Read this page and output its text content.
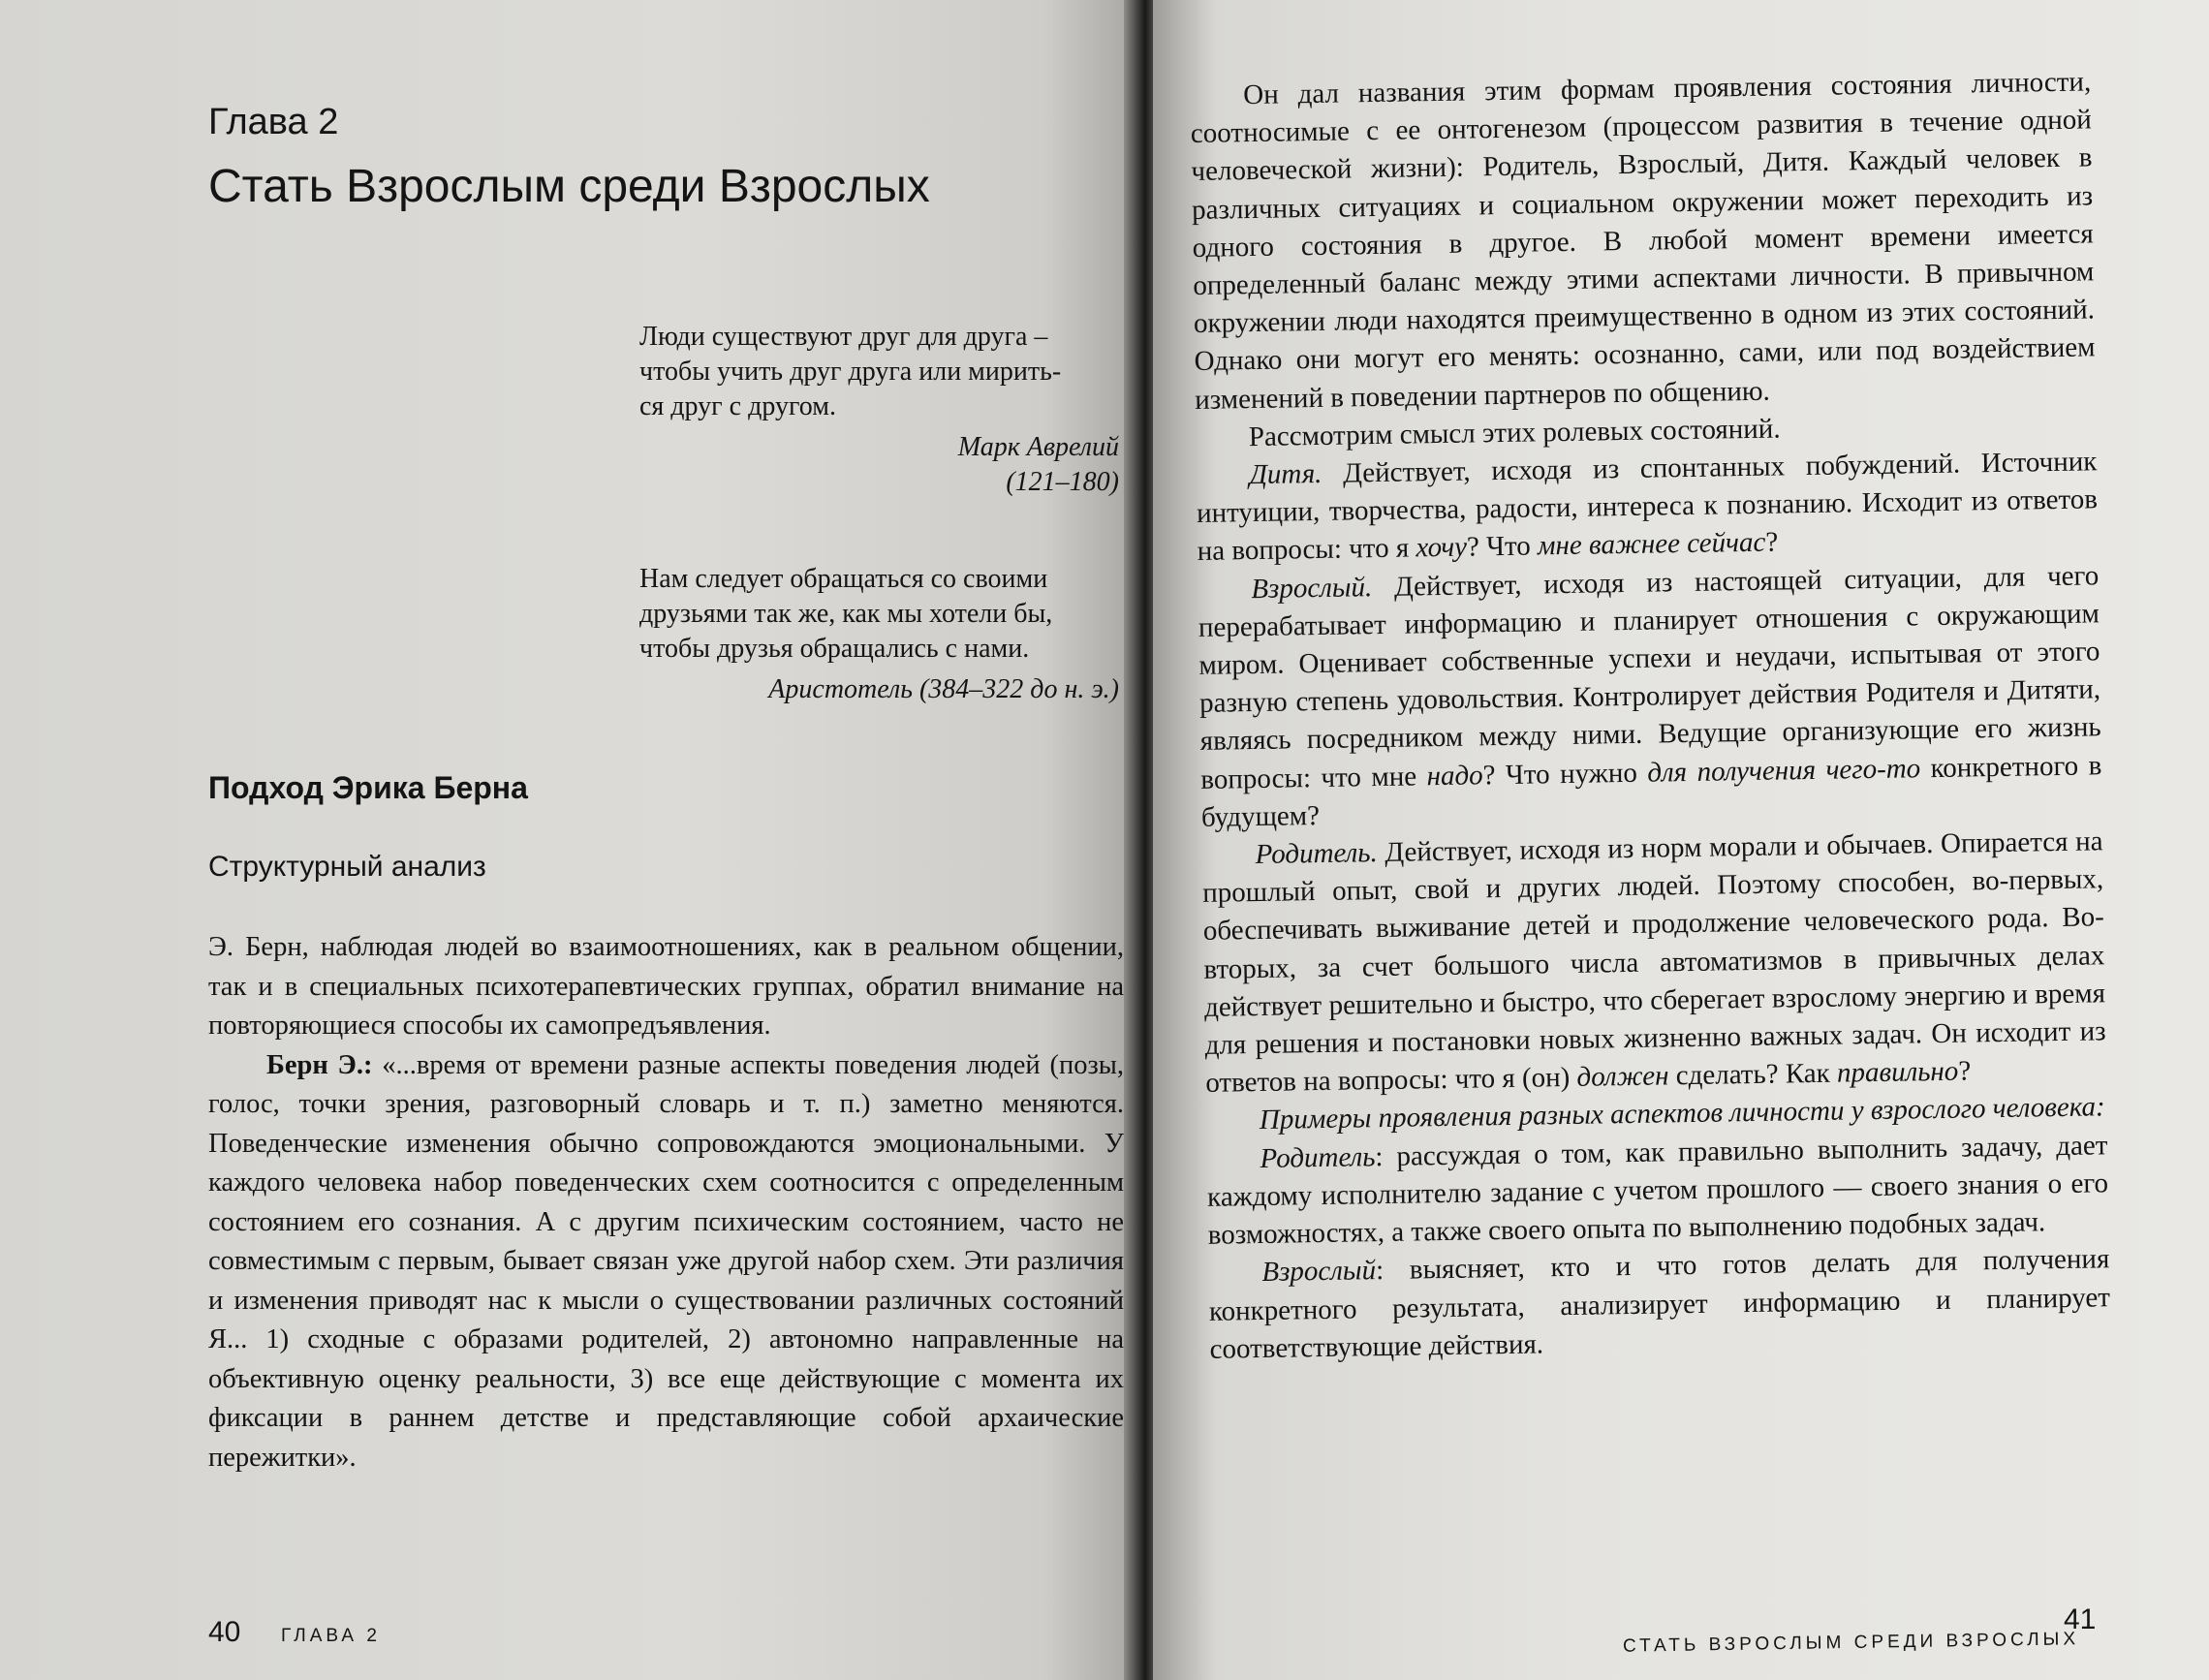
Глава 2
Стать Взрослым среди Взрослых
Люди существуют друг для друга –
чтобы учить друг друга или мирить-
ся друг с другом.
Марк Аврелий
(121–180)
Нам следует обращаться со своими
друзьями так же, как мы хотели бы,
чтобы друзья обращались с нами.
Аристотель (384–322 до н. э.)
Подход Эрика Берна
Структурный анализ

Э. Берн, наблюдая людей во взаимоотношениях, как в реальном общении, так и в специальных психотерапевтических группах, обратил внимание на повторяющиеся способы их самопредъявления.

Берн Э.: «...время от времени разные аспекты поведения людей (позы, голос, точки зрения, разговорный словарь и т. п.) заметно меняются. Поведенческие изменения обычно сопровождаются эмоциональными. У каждого человека набор поведенческих схем соотносится с определенным состоянием его сознания. А с другим психическим состоянием, часто не совместимым с первым, бывает связан уже другой набор схем. Эти различия и изменения приводят нас к мысли о существовании различных состояний Я... 1) сходные с образами родителей, 2) автономно направленные на объективную оценку реальности, 3) все еще действующие с момента их фиксации в раннем детстве и представляющие собой архаические пережитки».

40 ГЛАВА 2

Он дал названия этим формам проявления состояния личности, соотносимые с ее онтогенезом (процессом развития в течение одной человеческой жизни): Родитель, Взрослый, Дитя. Каждый человек в различных ситуациях и социальном окружении может переходить из одного состояния в другое. В любой момент времени имеется определенный баланс между этими аспектами личности. В привычном окружении люди находятся преимущественно в одном из этих состояний. Однако они могут его менять: осознанно, сами, или под воздействием изменений в поведении партнеров по общению.

Рассмотрим смысл этих ролевых состояний.

Дитя. Действует, исходя из спонтанных побуждений. Источник интуиции, творчества, радости, интереса к познанию. Исходит из ответов на вопросы: что я хочу? Что мне важнее сейчас?

Взрослый. Действует, исходя из настоящей ситуации, для чего перерабатывает информацию и планирует отношения с окружающим миром. Оценивает собственные успехи и неудачи, испытывая от этого разную степень удовольствия. Контролирует действия Родителя и Дитяти, являясь посредником между ними. Ведущие организующие его жизнь вопросы: что мне надо? Что нужно для получения чего-то конкретного в будущем?

Родитель. Действует, исходя из норм морали и обычаев. Опирается на прошлый опыт, свой и других людей. Поэтому способен, во-первых, обеспечивать выживание детей и продолжение человеческого рода. Во-вторых, за счет большого числа автоматизмов в привычных делах действует решительно и быстро, что сберегает взрослому энергию и время для решения и постановки новых жизненно важных задач. Он исходит из ответов на вопросы: что я (он) должен сделать? Как правильно?

Примеры проявления разных аспектов личности у взрослого человека:

Родитель: рассуждая о том, как правильно выполнить задачу, дает каждому исполнителю задание с учетом прошлого — своего знания о его возможностях, а также своего опыта по выполнению подобных задач.

Взрослый: выясняет, кто и что готов делать для получения конкретного результата, анализирует информацию и планирует соответствующие действия.

41
СТАТЬ ВЗРОСЛЫМ СРЕДИ ВЗРОСЛЫХ
